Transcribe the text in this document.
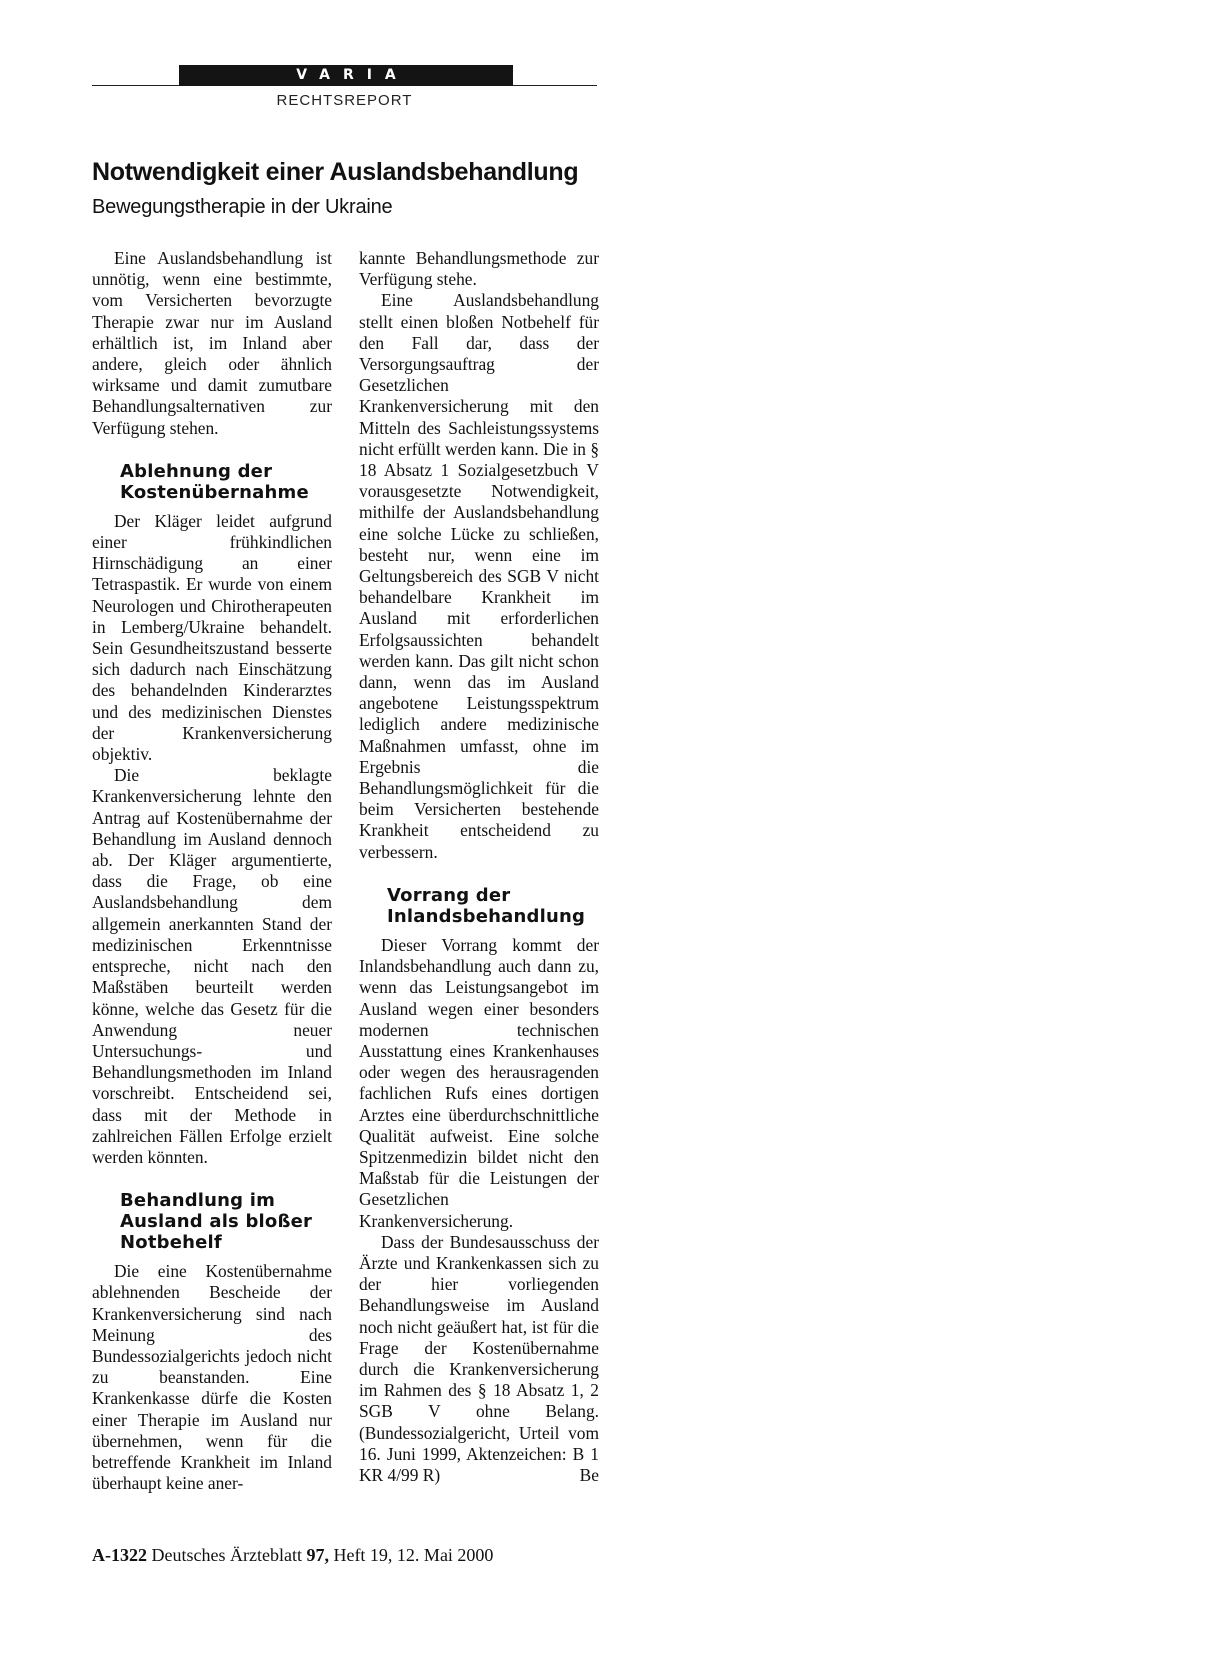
VARIA
RECHTSREPORT
Notwendigkeit einer Auslandsbehandlung
Bewegungstherapie in der Ukraine

Eine Auslandsbehandlung ist unnötig, wenn eine bestimmte, vom Versicherten bevorzugte Therapie zwar nur im Ausland erhältlich ist, im Inland aber andere, gleich oder ähnlich wirksame und damit zumutbare Behandlungsalternativen zur Verfügung stehen.

Ablehnung der Kostenübernahme

Der Kläger leidet aufgrund einer frühkindlichen Hirnschädigung an einer Tetraspastik. Er wurde von einem Neurologen und Chirotherapeuten in Lemberg/Ukraine behandelt. Sein Gesundheitszustand besserte sich dadurch nach Einschätzung des behandelnden Kinderarztes und des medizinischen Dienstes der Krankenversicherung objektiv.

Die beklagte Krankenversicherung lehnte den Antrag auf Kostenübernahme der Behandlung im Ausland dennoch ab. Der Kläger argumentierte, dass die Frage, ob eine Auslandsbehandlung dem allgemein anerkannten Stand der medizinischen Erkenntnisse entspreche, nicht nach den Maßstäben beurteilt werden könne, welche das Gesetz für die Anwendung neuer Untersuchungs- und Behandlungsmethoden im Inland vorschreibt. Entscheidend sei, dass mit der Methode in zahlreichen Fällen Erfolge erzielt werden könnten.

Behandlung im Ausland als bloßer Notbehelf

Die eine Kostenübernahme ablehnenden Bescheide der Krankenversicherung sind nach Meinung des Bundessozialgerichts jedoch nicht zu beanstanden. Eine Krankenkasse dürfe die Kosten einer Therapie im Ausland nur übernehmen, wenn für die betreffende Krankheit im Inland überhaupt keine aner-

kannte Behandlungsmethode zur Verfügung stehe.

Eine Auslandsbehandlung stellt einen bloßen Notbehelf für den Fall dar, dass der Versorgungsauftrag der Gesetzlichen Krankenversicherung mit den Mitteln des Sachleistungssystems nicht erfüllt werden kann. Die in § 18 Absatz 1 Sozialgesetzbuch V vorausgesetzte Notwendigkeit, mithilfe der Auslandsbehandlung eine solche Lücke zu schließen, besteht nur, wenn eine im Geltungsbereich des SGB V nicht behandelbare Krankheit im Ausland mit erforderlichen Erfolgsaussichten behandelt werden kann. Das gilt nicht schon dann, wenn das im Ausland angebotene Leistungsspektrum lediglich andere medizinische Maßnahmen umfasst, ohne im Ergebnis die Behandlungsmöglichkeit für die beim Versicherten bestehende Krankheit entscheidend zu verbessern.

Vorrang der Inlandsbehandlung

Dieser Vorrang kommt der Inlandsbehandlung auch dann zu, wenn das Leistungsangebot im Ausland wegen einer besonders modernen technischen Ausstattung eines Krankenhauses oder wegen des herausragenden fachlichen Rufs eines dortigen Arztes eine überdurchschnittliche Qualität aufweist. Eine solche Spitzenmedizin bildet nicht den Maßstab für die Leistungen der Gesetzlichen Krankenversicherung.

Dass der Bundesausschuss der Ärzte und Krankenkassen sich zu der hier vorliegenden Behandlungsweise im Ausland noch nicht geäußert hat, ist für die Frage der Kostenübernahme durch die Krankenversicherung im Rahmen des § 18 Absatz 1, 2 SGB V ohne Belang. (Bundessozialgericht, Urteil vom 16. Juni 1999, Aktenzeichen: B 1 KR 4/99 R)	Be

A-1322 Deutsches Ärzteblatt 97, Heft 19, 12. Mai 2000
